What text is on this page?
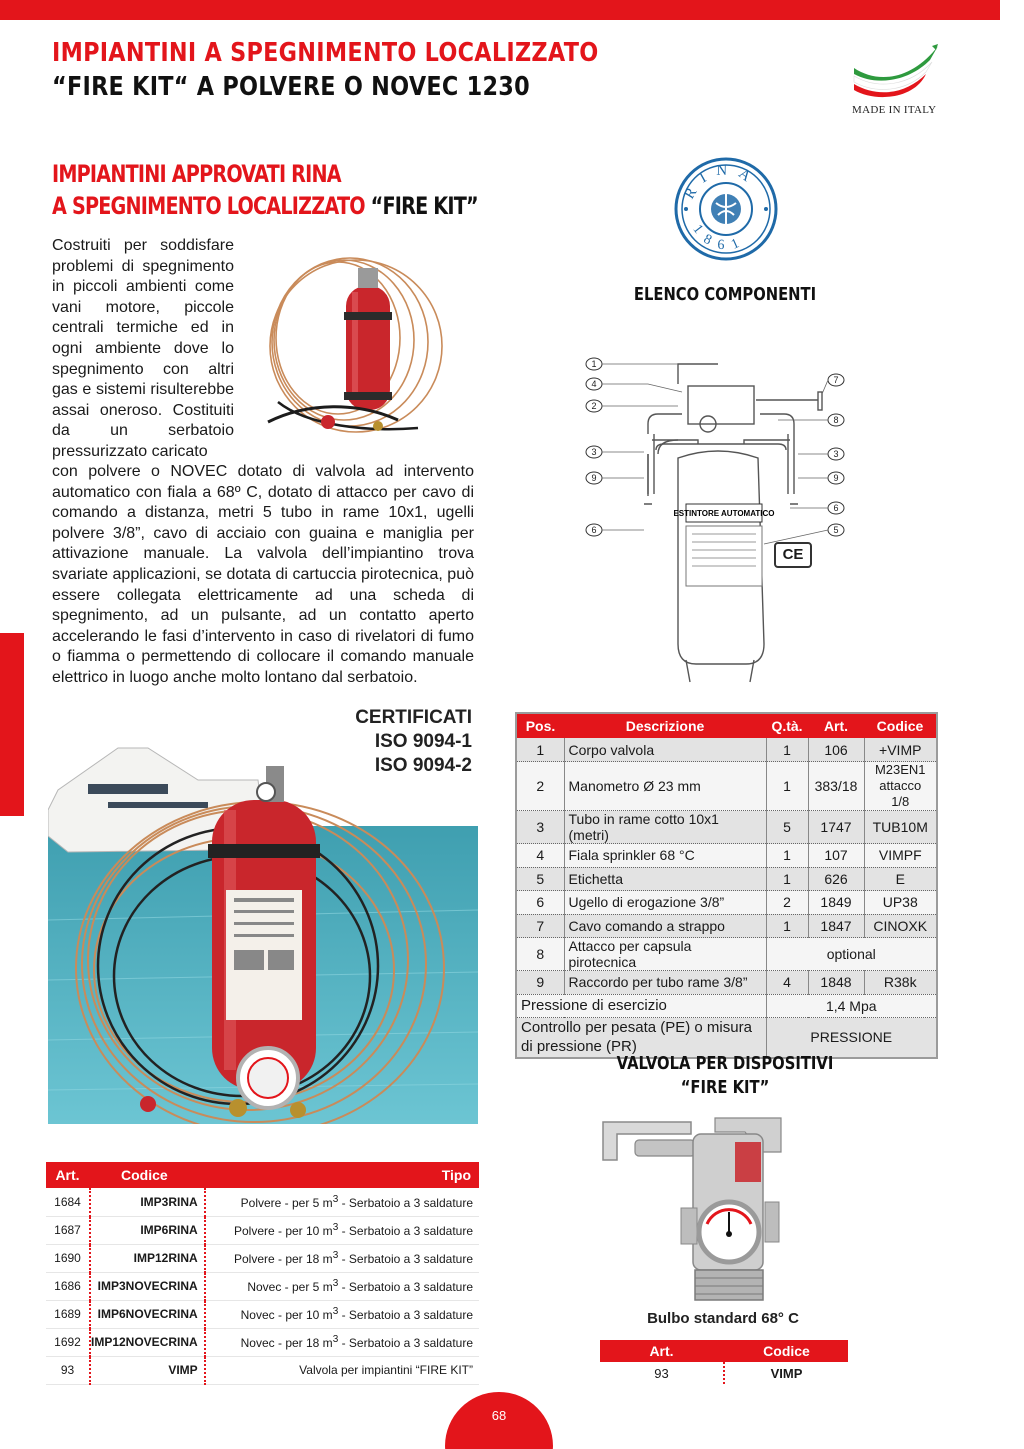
IMPIANTINI A SPEGNIMENTO LOCALIZZATO
“FIRE KIT“ A POLVERE O NOVEC 1230
MADE IN ITALY
IMPIANTINI APPROVATI RINA
A SPEGNIMENTO LOCALIZZATO “FIRE KIT”
RINA
1861
Costruiti per soddisfare problemi di spegnimento in piccoli ambienti come vani motore, piccole centrali termiche ed in ogni ambiente dove lo spegnimento con altri gas e sistemi risulterebbe assai oneroso. Costituiti da un serbatoio pressurizzato caricato
con polvere o NOVEC dotato di valvola ad intervento automatico con fiala a 68º C, dotato di attacco per cavo di comando a distanza, metri 5 tubo in rame 10x1, ugelli polvere 3/8”, cavo di acciaio con guaina e maniglia per attivazione manuale. La valvola dell’impiantino trova svariate applicazioni, se dotata di cartuccia pirotecnica, può essere collegata elettricamente ad una scheda di spegnimento, ad un pulsante, ad un contatto aperto accelerando le fasi d’intervento in caso di rivelatori di fumo o fiamma o permettendo di collocare il comando manuale elettrico in luogo anche molto lontano dal serbatoio.
CERTIFICATI
ISO 9094-1
ISO 9094-2
ELENCO COMPONENTI
ESTINTORE AUTOMATICO
1
4
2
3
9
6
7
8
3
9
6
5
CE
Pos.	Descrizione	Q.tà.	Art.	Codice
1	Corpo valvola	1	106	+VIMP
2	Manometro Ø 23 mm	1	383/18	M23EN1
attacco 1/8

3	Tubo in rame cotto 10x1 (metri)	5	1747	TUB10M
4	Fiala sprinkler 68 °C	1	107	VIMPF
5	Etichetta	1	626	E
6	Ugello di erogazione 3/8”	2	1849	UP38
7	Cavo comando a strappo	1	1847	CINOXK
8	Attacco per capsula pirotecnica	optional		
9	Raccordo per tubo rame 3/8”	4	1848	R38k
Pressione di esercizio		1,4 Mpa		
Controllo per pesata (PE) o misura di pressione (PR)		PRESSIONE		
Art.	Codice	Tipo
1684	IMP3RINA	Polvere - per 5 $m^3$ - Serbatoio a 3 saldature
1687	IMP6RINA	Polvere - per 10 $m^3$ - Serbatoio a 3 saldature
1690	IMP12RINA	Polvere - per 18 $m^3$ - Serbatoio a 3 saldature
1686	IMP3NOVECRINA	Novec - per 5 $m^3$ - Serbatoio a 3 saldature
1689	IMP6NOVECRINA	Novec - per 10 $m^3$ - Serbatoio a 3 saldature
1692	IMP12NOVECRINA	Novec - per 18 $m^3$ - Serbatoio a 3 saldature
93	VIMP	Valvola per impiantini “FIRE KIT”
VALVOLA PER DISPOSITIVI
“FIRE KIT”
Bulbo standard 68° C
Art.	Codice
93	VIMP
68
